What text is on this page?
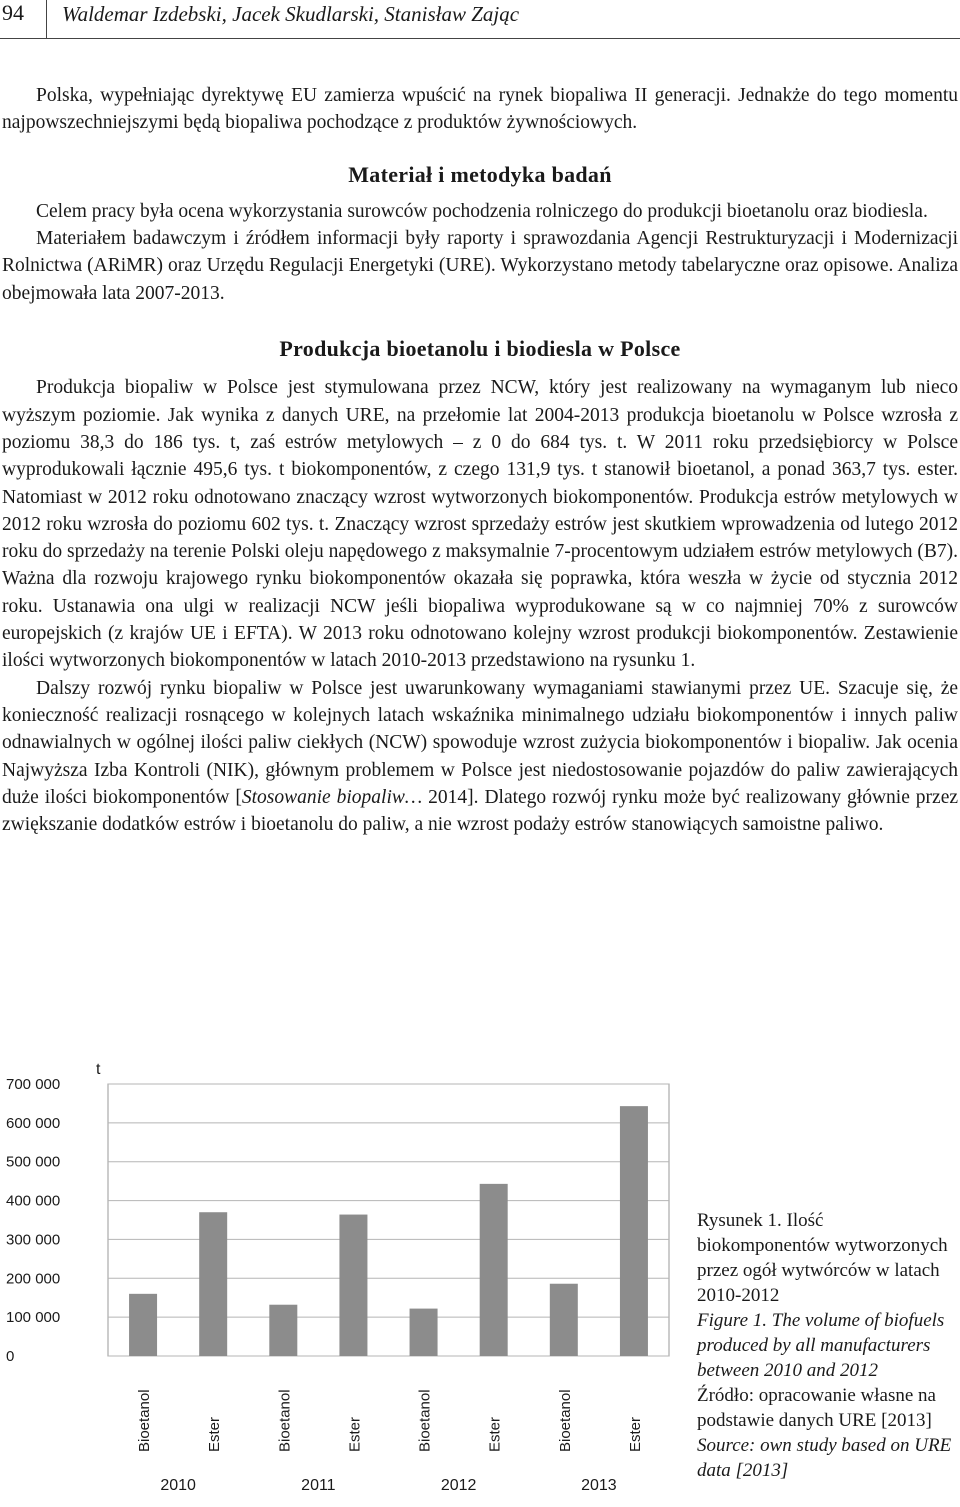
94 Waldemar Izdebski, Jacek Skudlarski, Stanisław Zając

Polska, wypełniając dyrektywę EU zamierza wpuścić na rynek biopaliwa II generacji. Jednakże do tego momentu najpowszechniejszymi będą biopaliwa pochodzące z produktów żywnościowych.

Materiał i metodyka badań

Celem pracy była ocena wykorzystania surowców pochodzenia rolniczego do produkcji bioetanolu oraz biodiesla.

Materiałem badawczym i źródłem informacji były raporty i sprawozdania Agencji Restrukturyzacji i Modernizacji Rolnictwa (ARiMR) oraz Urzędu Regulacji Energetyki (URE). Wykorzystano metody tabelaryczne oraz opisowe. Analiza obejmowała lata 2007-2013.

Produkcja bioetanolu i biodiesla w Polsce

Produkcja biopaliw w Polsce jest stymulowana przez NCW, który jest realizowany na wymaganym lub nieco wyższym poziomie. Jak wynika z danych URE, na przełomie lat 2004-2013 produkcja bioetanolu w Polsce wzrosła z poziomu 38,3 do 186 tys. t, zaś estrów metylowych – z 0 do 684 tys. t. W 2011 roku przedsiębiorcy w Polsce wyprodukowali łącznie 495,6 tys. t biokomponentów, z czego 131,9 tys. t stanowił bioetanol, a ponad 363,7 tys. ester. Natomiast w 2012 roku odnotowano znaczący wzrost wytworzonych biokomponentów. Produkcja estrów metylowych w 2012 roku wzrosła do poziomu 602 tys. t. Znaczący wzrost sprzedaży estrów jest skutkiem wprowadzenia od lutego 2012 roku do sprzedaży na terenie Polski oleju napędowego z maksymalnie 7-procentowym udziałem estrów metylowych (B7). Ważna dla rozwoju krajowego rynku biokomponentów okazała się poprawka, która weszła w życie od stycznia 2012 roku. Ustanawia ona ulgi w realizacji NCW jeśli biopaliwa wyprodukowane są w co najmniej 70% z surowców europejskich (z krajów UE i EFTA). W 2013 roku odnotowano kolejny wzrost produkcji biokomponentów. Zestawienie ilości wytworzonych biokomponentów w latach 2010-2013 przedstawiono na rysunku 1.

Dalszy rozwój rynku biopaliw w Polsce jest uwarunkowany wymaganiami stawianymi przez UE. Szacuje się, że konieczność realizacji rosnącego w kolejnych latach wskaźnika minimalnego udziału biokomponentów i innych paliw odnawialnych w ogólnej ilości paliw ciekłych (NCW) spowoduje wzrost zużycia biokomponentów i biopaliw. Jak ocenia Najwyższa Izba Kontroli (NIK), głównym problemem w Polsce jest niedostosowanie pojazdów do paliw zawierających duże ilości biokomponentów [Stosowanie biopaliw… 2014]. Dlatego rozwój rynku może być realizowany głównie przez zwiększanie dodatków estrów i bioetanolu do paliw, a nie wzrost podaży estrów stanowiących samoistne paliwo.

0
100 000
200 000
300 000
400 000
500 000
600 000
700 000
t
Bioetanol	Ester	Bioetanol	Ester	Bioetanol	Ester	Bioetanol	Ester
2010	2011	2012	2013
Rysunek 1. Ilość biokomponentów wytworzonych przez ogół wytwórców w latach 2010-2012
Figure 1. The volume of biofuels produced by all manufacturers between 2010 and 2012
Źródło: opracowanie własne na podstawie danych URE [2013]
Source: own study based on URE data [2013]
